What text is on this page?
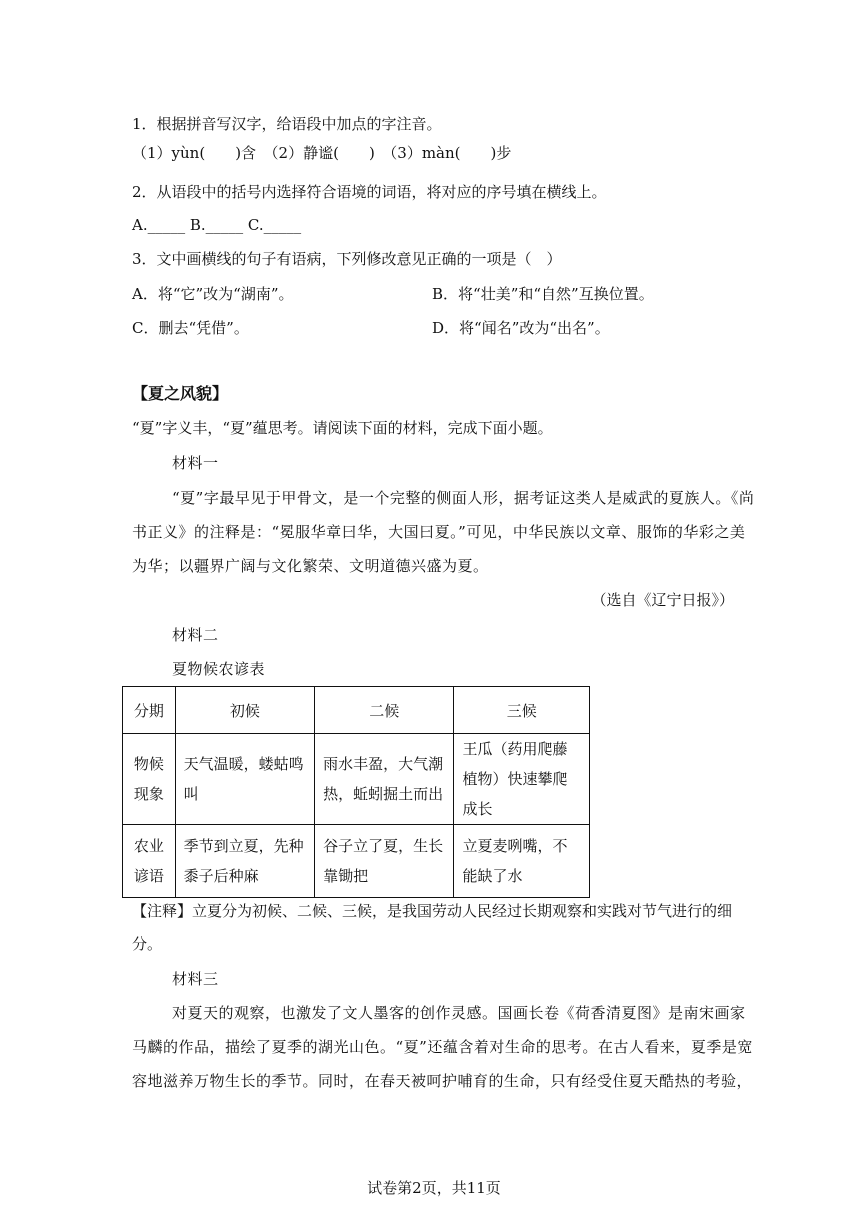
1．根据拼音写汉字，给语段中加点的字注音。
（1）yùn(　　)含　（2）静谧(　　)　（3）màn(　　)步
2．从语段中的括号内选择符合语境的词语，将对应的序号填在横线上。
A._____ B._____ C._____
3．文中画横线的句子有语病，下列修改意见正确的一项是（　）
A．将“它”改为“湖南”。	B．将“壮美”和“自然”互换位置。
C．删去“凭借”。	D．将“闻名”改为“出名”。
【夏之风貌】
“夏”字义丰，“夏”蕴思考。请阅读下面的材料，完成下面小题。
材料一
“夏”字最早见于甲骨文，是一个完整的侧面人形，据考证这类人是威武的夏族人。《尚
书正义》的注释是：“冕服华章曰华，大国曰夏。”可见，中华民族以文章、服饰的华彩之美
为华；以疆界广阔与文化繁荣、文明道德兴盛为夏。
（选自《辽宁日报》）
材料二
夏物候农谚表
分期	初候	二候	三候
物候现象	天气温暖，蝼蛄鸣叫	雨水丰盈，大气潮热，蚯蚓掘土而出	王瓜（药用爬藤植物）快速攀爬成长
农业谚语	季节到立夏，先种黍子后种麻	谷子立了夏，生长靠锄把	立夏麦咧嘴，不能缺了水
【注释】立夏分为初候、二候、三候，是我国劳动人民经过长期观察和实践对节气进行的细
分。
材料三
对夏天的观察，也激发了文人墨客的创作灵感。国画长卷《荷香清夏图》是南宋画家
马麟的作品，描绘了夏季的湖光山色。“夏”还蕴含着对生命的思考。在古人看来，夏季是宽
容地滋养万物生长的季节。同时，在春天被呵护哺育的生命，只有经受住夏天酷热的考验，
试卷第2页，共11页
